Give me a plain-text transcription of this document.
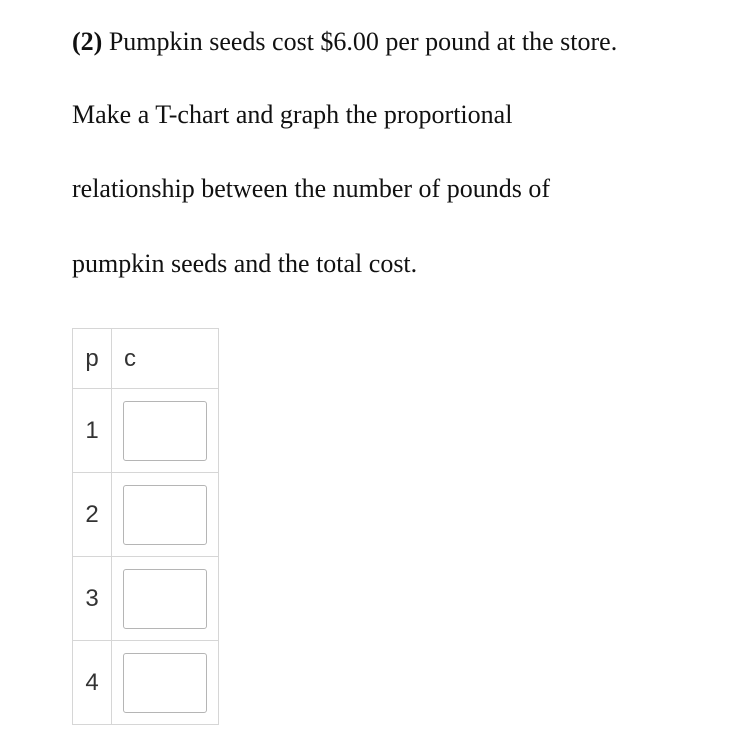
(2) Pumpkin seeds cost $6.00 per pound at the store.

Make a T-chart and graph the proportional

relationship between the number of pounds of

pumpkin seeds and the total cost.

p	c
1	

2	

3	

4	
